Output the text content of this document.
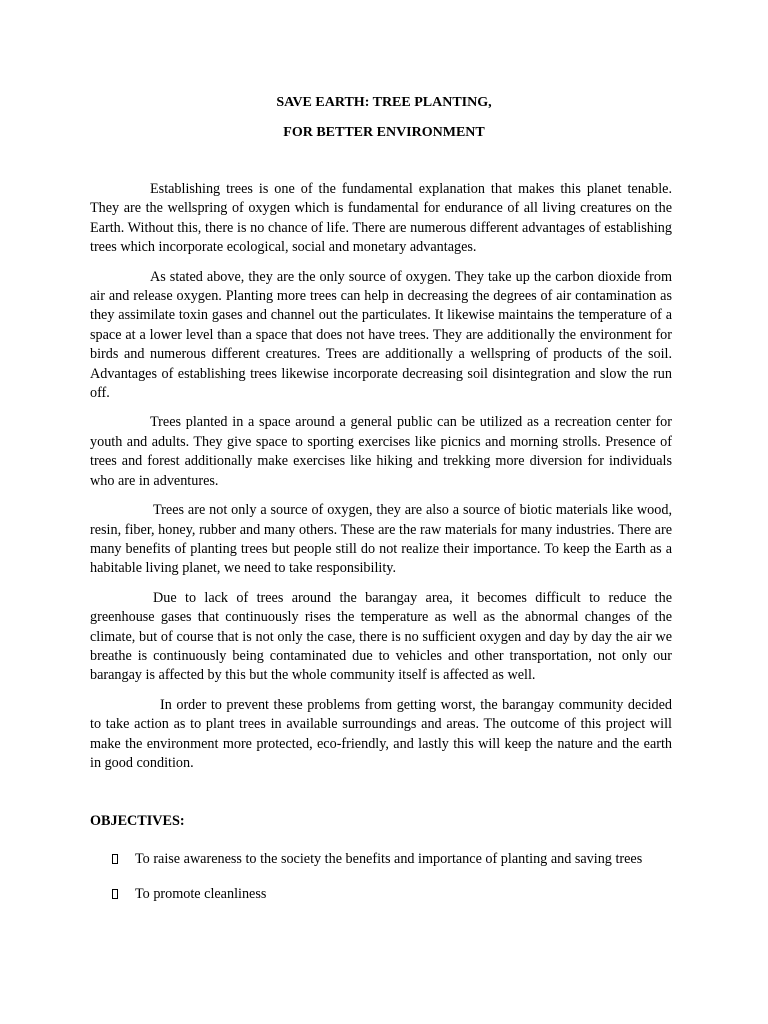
SAVE EARTH: TREE PLANTING,
FOR BETTER ENVIRONMENT

Establishing trees is one of the fundamental explanation that makes this planet tenable. They are the wellspring of oxygen which is fundamental for endurance of all living creatures on the Earth. Without this, there is no chance of life. There are numerous different advantages of establishing trees which incorporate ecological, social and monetary advantages.

As stated above, they are the only source of oxygen. They take up the carbon dioxide from air and release oxygen. Planting more trees can help in decreasing the degrees of air contamination as they assimilate toxin gases and channel out the particulates. It likewise maintains the temperature of a space at a lower level than a space that does not have trees. They are additionally the environment for birds and numerous different creatures. Trees are additionally a wellspring of products of the soil. Advantages of establishing trees likewise incorporate decreasing soil disintegration and slow the run off.

Trees planted in a space around a general public can be utilized as a recreation center for youth and adults. They give space to sporting exercises like picnics and morning strolls. Presence of trees and forest additionally make exercises like hiking and trekking more diversion for individuals who are in adventures.

Trees are not only a source of oxygen, they are also a source of biotic materials like wood, resin, fiber, honey, rubber and many others. These are the raw materials for many industries. There are many benefits of planting trees but people still do not realize their importance. To keep the Earth as a habitable living planet, we need to take responsibility.

Due to lack of trees around the barangay area, it becomes difficult to reduce the greenhouse gases that continuously rises the temperature as well as the abnormal changes of the climate, but of course that is not only the case, there is no sufficient oxygen and day by day the air we breathe is continuously being contaminated due to vehicles and other transportation, not only our barangay is affected by this but the whole community itself is affected as well.

In order to prevent these problems from getting worst, the barangay community decided to take action as to plant trees in available surroundings and areas. The outcome of this project will make the environment more protected, eco-friendly, and lastly this will keep the nature and the earth in good condition.

OBJECTIVES:
To raise awareness to the society the benefits and importance of planting and saving trees
To promote cleanliness
